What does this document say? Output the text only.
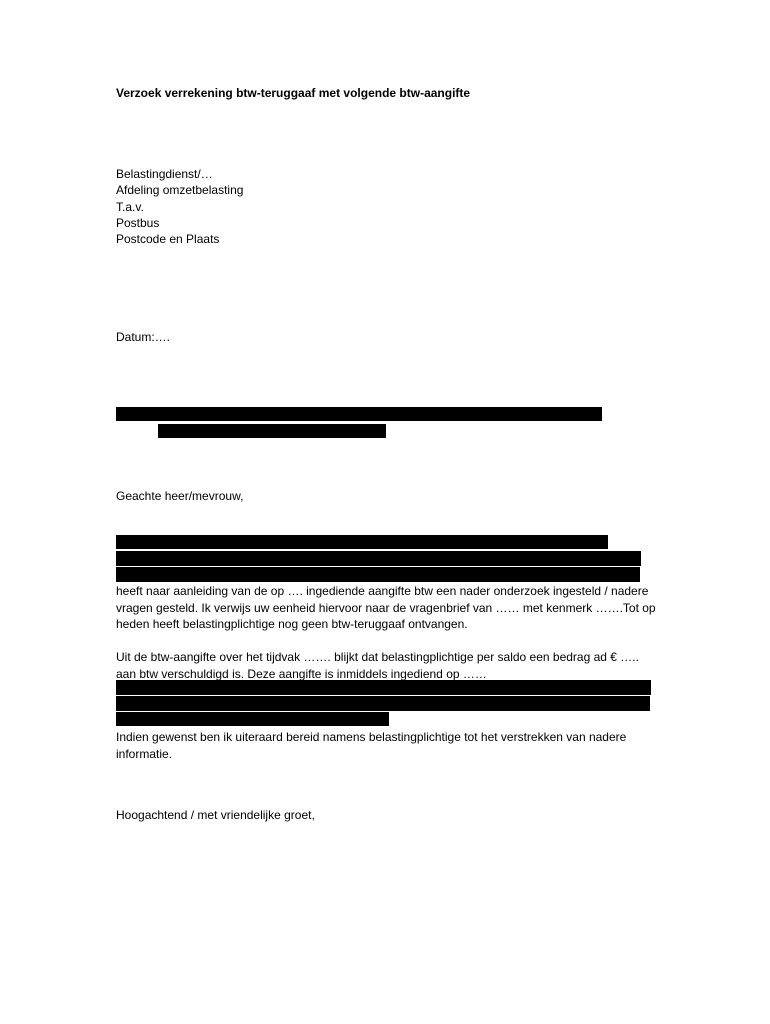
Verzoek verrekening btw-teruggaaf met volgende btw-aangifte
Belastingdienst/…
Afdeling omzetbelasting
T.a.v.
Postbus
Postcode en Plaats
Datum:….
Geachte heer/mevrouw,
heeft naar aanleiding van de op …. ingediende aangifte btw een nader onderzoek ingesteld / nadere
vragen gesteld. Ik verwijs uw eenheid hiervoor naar de vragenbrief van …… met kenmerk …….Tot op
heden heeft belastingplichtige nog geen btw-teruggaaf ontvangen.
Uit de btw-aangifte over het tijdvak ……. blijkt dat belastingplichtige per saldo een bedrag ad € …..
aan btw verschuldigd is. Deze aangifte is inmiddels ingediend op ……
Indien gewenst ben ik uiteraard bereid namens belastingplichtige tot het verstrekken van nadere
informatie.
Hoogachtend / met vriendelijke groet,
